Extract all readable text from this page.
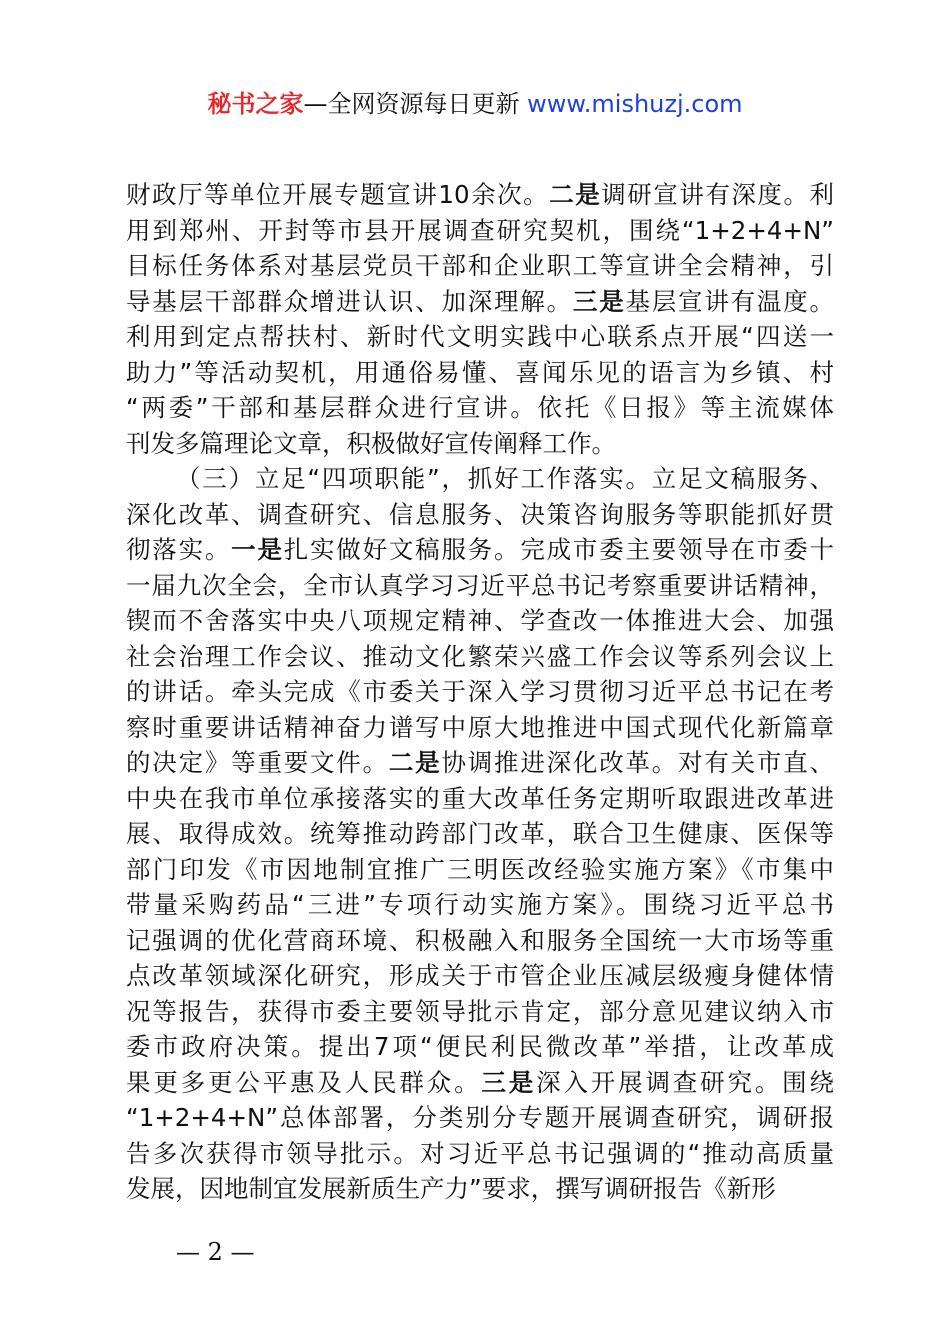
秘书之家—全网资源每日更新 www.mishuzj.com
财政厅等单位开展专题宣讲10余次。二是调研宣讲有深度。利
用到郑州、开封等市县开展调查研究契机，围绕“1+2+4+N”
目标任务体系对基层党员干部和企业职工等宣讲全会精神，引
导基层干部群众增进认识、加深理解。三是基层宣讲有温度。
利用到定点帮扶村、新时代文明实践中心联系点开展“四送一
助力”等活动契机，用通俗易懂、喜闻乐见的语言为乡镇、村
“两委”干部和基层群众进行宣讲。依托《日报》等主流媒体
刊发多篇理论文章，积极做好宣传阐释工作。
（三）立足“四项职能”，抓好工作落实。立足文稿服务、
深化改革、调查研究、信息服务、决策咨询服务等职能抓好贯
彻落实。一是扎实做好文稿服务。完成市委主要领导在市委十
一届九次全会，全市认真学习习近平总书记考察重要讲话精神，
锲而不舍落实中央八项规定精神、学查改一体推进大会、加强
社会治理工作会议、推动文化繁荣兴盛工作会议等系列会议上
的讲话。牵头完成《市委关于深入学习贯彻习近平总书记在考
察时重要讲话精神奋力谱写中原大地推进中国式现代化新篇章
的决定》等重要文件。二是协调推进深化改革。对有关市直、
中央在我市单位承接落实的重大改革任务定期听取跟进改革进
展、取得成效。统筹推动跨部门改革，联合卫生健康、医保等
部门印发《市因地制宜推广三明医改经验实施方案》《市集中
带量采购药品“三进”专项行动实施方案》。围绕习近平总书
记强调的优化营商环境、积极融入和服务全国统一大市场等重
点改革领域深化研究，形成关于市管企业压减层级瘦身健体情
况等报告，获得市委主要领导批示肯定，部分意见建议纳入市
委市政府决策。提出7项“便民利民微改革”举措，让改革成
果更多更公平惠及人民群众。三是深入开展调查研究。围绕
“1+2+4+N”总体部署，分类别分专题开展调查研究，调研报
告多次获得市领导批示。对习近平总书记强调的“推动高质量
发展，因地制宜发展新质生产力”要求，撰写调研报告《新形
— 2 —
